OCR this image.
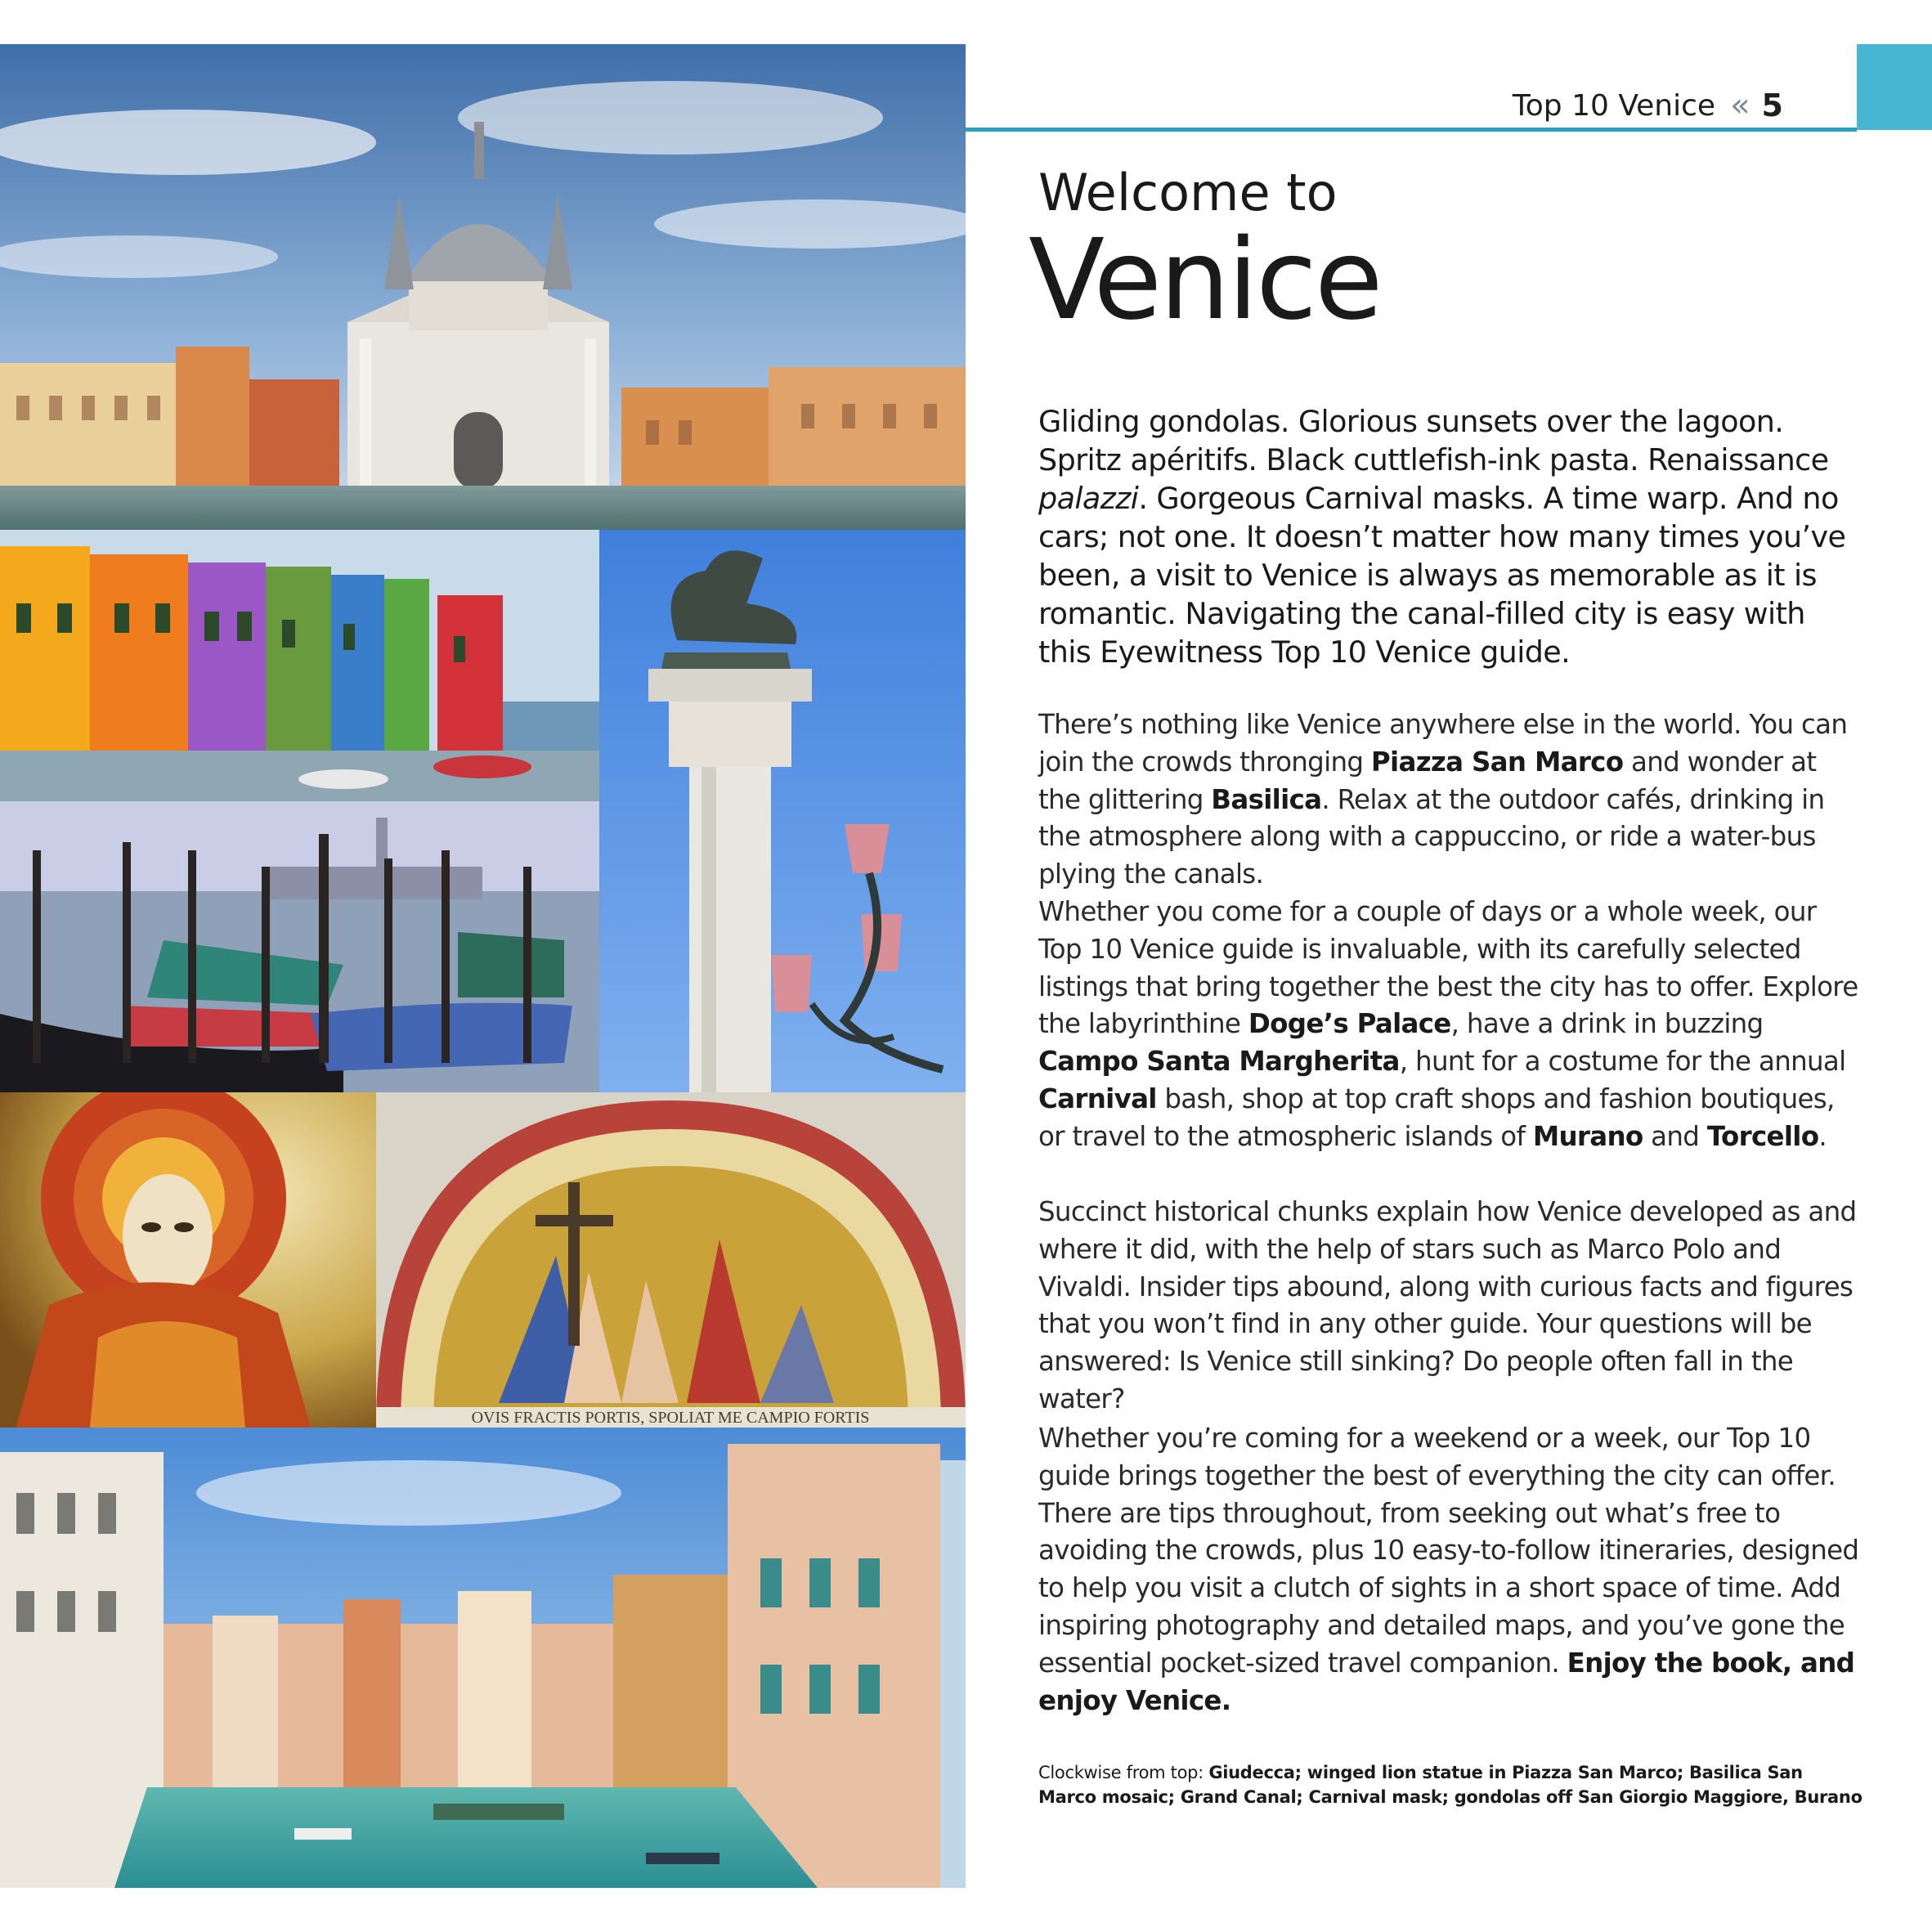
OVIS FRACTIS PORTIS, SPOLIAT ME CAMPIO FORTIS
Top 10 Venice « 5
Welcome to
Venice
Gliding gondolas. Glorious sunsets over the lagoon. Spritz apéritifs. Black cuttlefish-ink pasta. Renaissance palazzi. Gorgeous Carnival masks. A time warp. And no cars; not one. It doesn’t matter how many times you’ve been, a visit to Venice is always as memorable as it is romantic. Navigating the canal-filled city is easy with this Eyewitness Top 10 Venice guide.
There’s nothing like Venice anywhere else in the world. You can join the crowds thronging Piazza San Marco and wonder at the glittering Basilica. Relax at the outdoor cafés, drinking in the atmosphere along with a cappuccino, or ride a water-bus plying the canals.
Whether you come for a couple of days or a whole week, our Top 10 Venice guide is invaluable, with its carefully selected listings that bring together the best the city has to offer. Explore the labyrinthine Doge’s Palace, have a drink in buzzing Campo Santa Margherita, hunt for a costume for the annual Carnival bash, shop at top craft shops and fashion boutiques, or travel to the atmospheric islands of Murano and Torcello.
Succinct historical chunks explain how Venice developed as and where it did, with the help of stars such as Marco Polo and Vivaldi. Insider tips abound, along with curious facts and figures that you won’t find in any other guide. Your questions will be answered: Is Venice still sinking? Do people often fall in the water?
Whether you’re coming for a weekend or a week, our Top 10 guide brings together the best of everything the city can offer. There are tips throughout, from seeking out what’s free to avoiding the crowds, plus 10 easy-to-follow itineraries, designed to help you visit a clutch of sights in a short space of time. Add inspiring photography and detailed maps, and you’ve gone the essential pocket-sized travel companion. Enjoy the book, and enjoy Venice.
Clockwise from top: Giudecca; winged lion statue in Piazza San Marco; Basilica San Marco mosaic; Grand Canal; Carnival mask; gondolas off San Giorgio Maggiore, Burano
